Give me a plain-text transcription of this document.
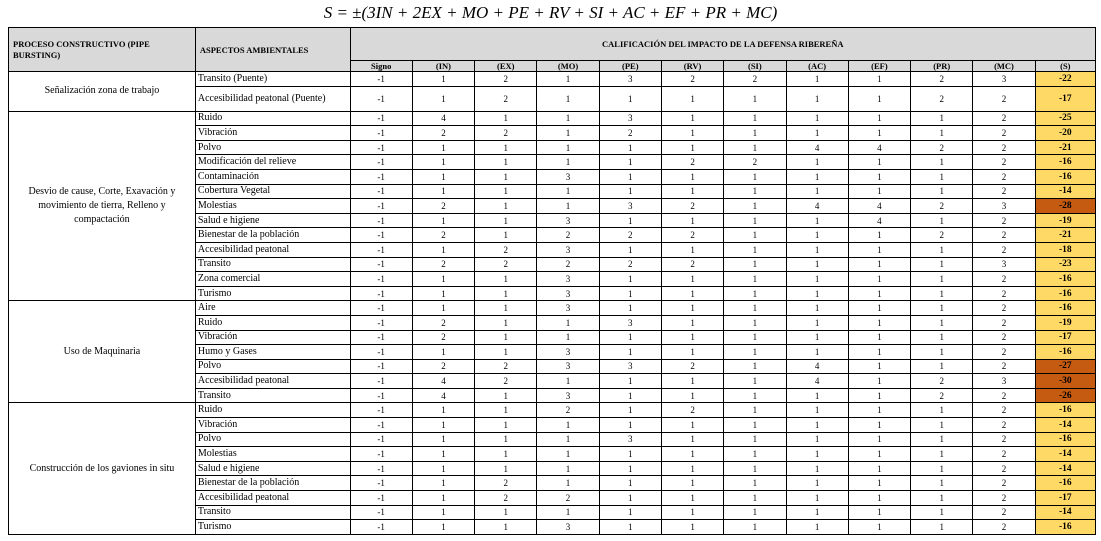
S = ±(3IN + 2EX + MO + PE + RV + SI + AC + EF + PR + MC)
PROCESO CONSTRUCTIVO (PIPE BURSTING)	ASPECTOS AMBIENTALES	CALIFICACIÓN DEL IMPACTO DE LA DEFENSA RIBEREÑA											
		Signo	(IN)	(EX)	(MO)	(PE)	(RV)	(SI)	(AC)	(EF)	(PR)	(MC)	(S)
Señalización zona de trabajo	Transito (Puente)	-1	1	2	1	3	2	2	1	1	2	3	-22
	Accesibilidad peatonal (Puente)	-1	1	2	1	1	1	1	1	1	2	2	-17
Desvio de cause, Corte, Exavación y movimiento de tierra, Relleno y compactación	Ruido	-1	4	1	1	3	1	1	1	1	1	2	-25
	Vibración	-1	2	2	1	2	1	1	1	1	1	2	-20
	Polvo	-1	1	1	1	1	1	1	4	4	2	2	-21
	Modificación del relieve	-1	1	1	1	1	2	2	1	1	1	2	-16
	Contaminación	-1	1	1	3	1	1	1	1	1	1	2	-16
	Cobertura Vegetal	-1	1	1	1	1	1	1	1	1	1	2	-14
	Molestias	-1	2	1	1	3	2	1	4	4	2	3	-28
	Salud e higiene	-1	1	1	3	1	1	1	1	4	1	2	-19
	Bienestar de la población	-1	2	1	2	2	2	1	1	1	2	2	-21
	Accesibilidad peatonal	-1	1	2	3	1	1	1	1	1	1	2	-18
	Transito	-1	2	2	2	2	2	1	1	1	1	3	-23
	Zona comercial	-1	1	1	3	1	1	1	1	1	1	2	-16
	Turismo	-1	1	1	3	1	1	1	1	1	1	2	-16
Uso de Maquinaria	Aire	-1	1	1	3	1	1	1	1	1	1	2	-16
	Ruido	-1	2	1	1	3	1	1	1	1	1	2	-19
	Vibración	-1	2	1	1	1	1	1	1	1	1	2	-17
	Humo y Gases	-1	1	1	3	1	1	1	1	1	1	2	-16
	Polvo	-1	2	2	3	3	2	1	4	1	1	2	-27
	Accesibilidad peatonal	-1	4	2	1	1	1	1	4	1	2	3	-30
	Transito	-1	4	1	3	1	1	1	1	1	2	2	-26
Construcción de los gaviones in situ	Ruido	-1	1	1	2	1	2	1	1	1	1	2	-16
	Vibración	-1	1	1	1	1	1	1	1	1	1	2	-14
	Polvo	-1	1	1	1	3	1	1	1	1	1	2	-16
	Molestias	-1	1	1	1	1	1	1	1	1	1	2	-14
	Salud e higiene	-1	1	1	1	1	1	1	1	1	1	2	-14
	Bienestar de la población	-1	1	2	1	1	1	1	1	1	1	2	-16
	Accesibilidad peatonal	-1	1	2	2	1	1	1	1	1	1	2	-17
	Transito	-1	1	1	1	1	1	1	1	1	1	2	-14
	Turismo	-1	1	1	3	1	1	1	1	1	1	2	-16
